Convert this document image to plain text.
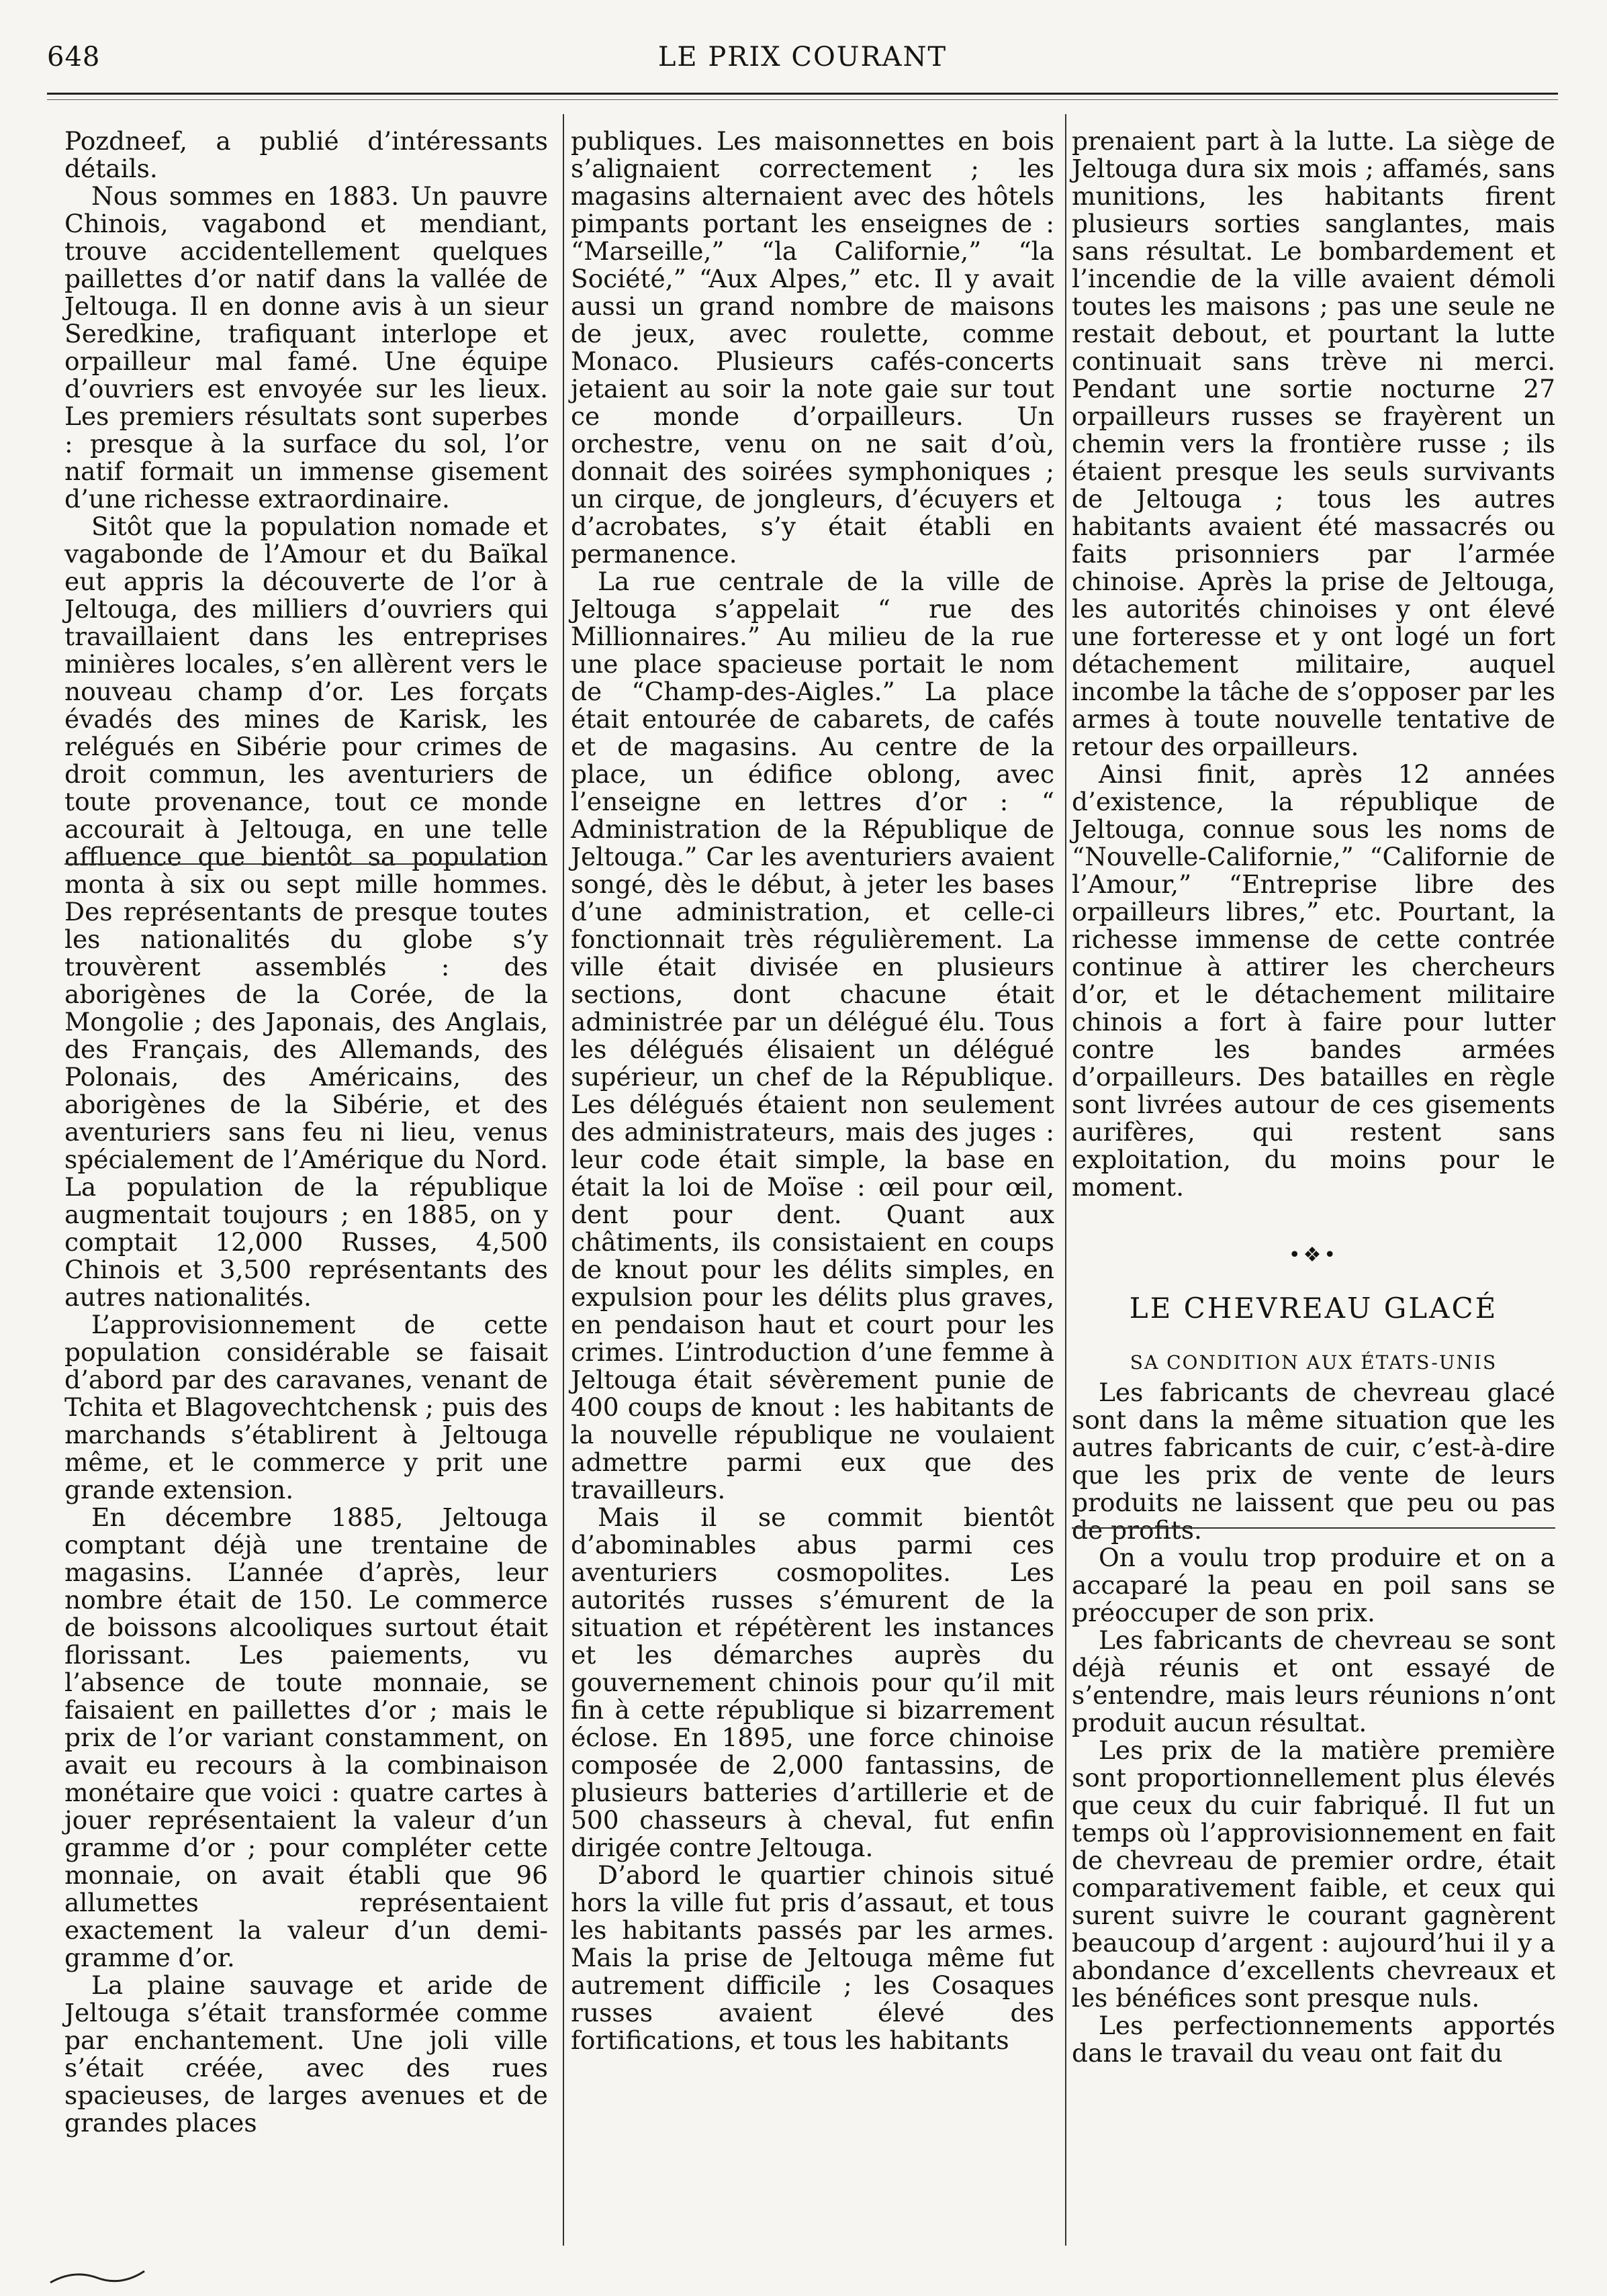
648	LE PRIX COURANT

Pozdneef, a publié d’intéressants détails.

Nous sommes en 1883. Un pauvre Chinois, vagabond et mendiant, trouve accidentellement quelques paillettes d’or natif dans la vallée de Jeltouga. Il en donne avis à un sieur Seredkine, trafiquant interlope et orpailleur mal famé. Une équipe d’ouvriers est envoyée sur les lieux. Les premiers résultats sont superbes : presque à la surface du sol, l’or natif formait un immense gisement d’une richesse extraordinaire.

Sitôt que la population nomade et vagabonde de l’Amour et du Baïkal eut appris la découverte de l’or à Jeltouga, des milliers d’ouvriers qui travaillaient dans les entreprises minières locales, s’en allèrent vers le nouveau champ d’or. Les forçats évadés des mines de Karisk, les relégués en Sibérie pour crimes de droit commun, les aventuriers de toute provenance, tout ce monde accourait à Jeltouga, en une telle affluence que bientôt sa population monta à six ou sept mille hommes. Des représentants de presque toutes les nationalités du globe s’y trouvèrent assemblés : des aborigènes de la Corée, de la Mongolie ; des Japonais, des Anglais, des Français, des Allemands, des Polonais, des Américains, des aborigènes de la Sibérie, et des aventuriers sans feu ni lieu, venus spécialement de l’Amérique du Nord. La population de la république augmentait toujours ; en 1885, on y comptait 12,000 Russes, 4,500 Chinois et 3,500 représentants des autres nationalités.

L’approvisionnement de cette population considérable se faisait d’abord par des caravanes, venant de Tchita et Blagovechtchensk ; puis des marchands s’établirent à Jeltouga même, et le commerce y prit une grande extension.

En décembre 1885, Jeltouga comptant déjà une trentaine de magasins. L’année d’après, leur nombre était de 150. Le commerce de boissons alcooliques surtout était florissant. Les paiements, vu l’absence de toute monnaie, se faisaient en paillettes d’or ; mais le prix de l’or variant constamment, on avait eu recours à la combinaison monétaire que voici : quatre cartes à jouer représentaient la valeur d’un gramme d’or ; pour compléter cette monnaie, on avait établi que 96 allumettes représentaient exactement la valeur d’un demi-gramme d’or.

La plaine sauvage et aride de Jeltouga s’était transformée comme par enchantement. Une joli ville s’était créée, avec des rues spacieuses, de larges avenues et de grandes places

publiques. Les maisonnettes en bois s’alignaient correctement ; les magasins alternaient avec des hôtels pimpants portant les enseignes de : “Marseille,” “la Californie,” “la Société,” “Aux Alpes,” etc. Il y avait aussi un grand nombre de maisons de jeux, avec roulette, comme Monaco. Plusieurs cafés-concerts jetaient au soir la note gaie sur tout ce monde d’orpailleurs. Un orchestre, venu on ne sait d’où, donnait des soirées symphoniques ; un cirque, de jongleurs, d’écuyers et d’acrobates, s’y était établi en permanence.

La rue centrale de la ville de Jeltouga s’appelait “ rue des Millionnaires.” Au milieu de la rue une place spacieuse portait le nom de “Champ-des-Aigles.” La place était entourée de cabarets, de cafés et de magasins. Au centre de la place, un édifice oblong, avec l’enseigne en lettres d’or : “ Administration de la République de Jeltouga.” Car les aventuriers avaient songé, dès le début, à jeter les bases d’une administration, et celle-ci fonctionnait très régulièrement. La ville était divisée en plusieurs sections, dont chacune était administrée par un délégué élu. Tous les délégués élisaient un délégué supérieur, un chef de la République. Les délégués étaient non seulement des administrateurs, mais des juges : leur code était simple, la base en était la loi de Moïse : œil pour œil, dent pour dent. Quant aux châtiments, ils consistaient en coups de knout pour les délits simples, en expulsion pour les délits plus graves, en pendaison haut et court pour les crimes. L’introduction d’une femme à Jeltouga était sévèrement punie de 400 coups de knout : les habitants de la nouvelle république ne voulaient admettre parmi eux que des travailleurs.

Mais il se commit bientôt d’abominables abus parmi ces aventuriers cosmopolites. Les autorités russes s’émurent de la situation et répétèrent les instances et les démarches auprès du gouvernement chinois pour qu’il mit fin à cette république si bizarrement éclose. En 1895, une force chinoise composée de 2,000 fantassins, de plusieurs batteries d’artillerie et de 500 chasseurs à cheval, fut enfin dirigée contre Jeltouga.

D’abord le quartier chinois situé hors la ville fut pris d’assaut, et tous les habitants passés par les armes. Mais la prise de Jeltouga même fut autrement difficile ; les Cosaques russes avaient élevé des fortifications, et tous les habitants

prenaient part à la lutte. La siège de Jeltouga dura six mois ; affamés, sans munitions, les habitants firent plusieurs sorties sanglantes, mais sans résultat. Le bombardement et l’incendie de la ville avaient démoli toutes les maisons ; pas une seule ne restait debout, et pourtant la lutte continuait sans trève ni merci. Pendant une sortie nocturne 27 orpailleurs russes se frayèrent un chemin vers la frontière russe ; ils étaient presque les seuls survivants de Jeltouga ; tous les autres habitants avaient été massacrés ou faits prisonniers par l’armée chinoise. Après la prise de Jeltouga, les autorités chinoises y ont élevé une forteresse et y ont logé un fort détachement militaire, auquel incombe la tâche de s’opposer par les armes à toute nouvelle tentative de retour des orpailleurs.

Ainsi finit, après 12 années d’existence, la république de Jeltouga, connue sous les noms de “Nouvelle-Californie,” “Californie de l’Amour,” “Entreprise libre des orpailleurs libres,” etc. Pourtant, la richesse immense de cette contrée continue à attirer les chercheurs d’or, et le détachement militaire chinois a fort à faire pour lutter contre les bandes armées d’orpailleurs. Des batailles en règle sont livrées autour de ces gisements aurifères, qui restent sans exploitation, du moins pour le moment.

•❖•
LE CHEVREAU GLACÉ
SA CONDITION AUX ÉTATS-UNIS

Les fabricants de chevreau glacé sont dans la même situation que les autres fabricants de cuir, c’est-à-dire que les prix de vente de leurs produits ne laissent que peu ou pas de profits.

On a voulu trop produire et on a accaparé la peau en poil sans se préoccuper de son prix.

Les fabricants de chevreau se sont déjà réunis et ont essayé de s’entendre, mais leurs réunions n’ont produit aucun résultat.

Les prix de la matière première sont proportionnellement plus élevés que ceux du cuir fabriqué. Il fut un temps où l’approvisionnement en fait de chevreau de premier ordre, était comparativement faible, et ceux qui surent suivre le courant gagnèrent beaucoup d’argent : aujourd’hui il y a abondance d’excellents chevreaux et les bénéfices sont presque nuls.

Les perfectionnements apportés dans le travail du veau ont fait du
